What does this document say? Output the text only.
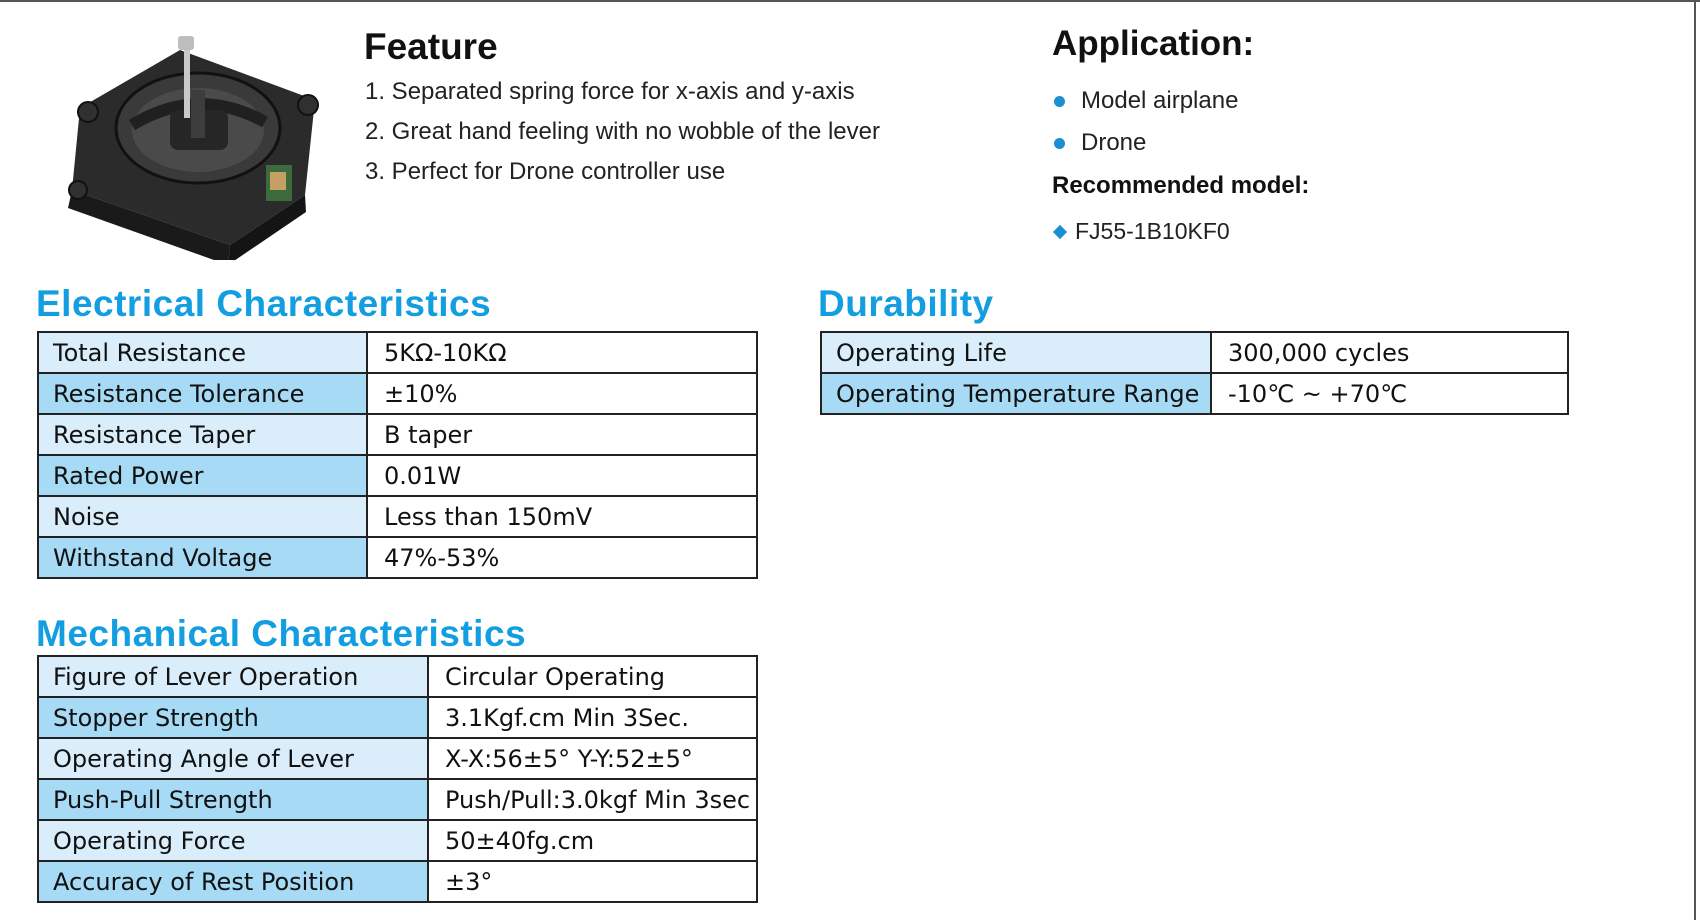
Feature
1. Separated spring force for x-axis and y-axis
2. Great hand feeling with no wobble of the lever
3. Perfect for Drone controller use
Application:
Model airplane
Drone
Recommended model:
FJ55-1B10KF0
Electrical Characteristics
Total Resistance	5KΩ-10KΩ
Resistance Tolerance	±10%
Resistance Taper	B taper
Rated Power	0.01W
Noise	Less than 150mV
Withstand Voltage	47%-53%
Durability
Operating Life	300,000 cycles
Operating Temperature Range	-10℃ ~ +70℃
Mechanical Characteristics
Figure of Lever Operation	Circular Operating
Stopper Strength	3.1Kgf.cm Min 3Sec.
Operating Angle of Lever	X-X:56±5° Y-Y:52±5°
Push-Pull Strength	Push/Pull:3.0kgf Min 3sec
Operating Force	50±40fg.cm
Accuracy of Rest Position	±3°
